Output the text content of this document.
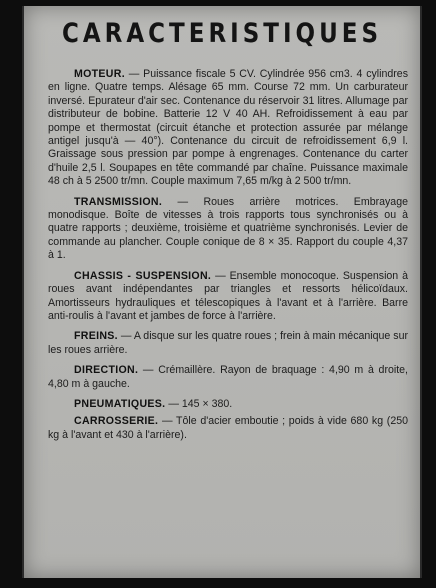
CARACTERISTIQUES

MOTEUR. — Puissance fiscale 5 CV. Cylindrée 956 cm3. 4 cylindres en ligne. Quatre temps. Alésage 65 mm. Course 72 mm. Un carburateur inversé. Epurateur d'air sec. Contenance du réservoir 31 litres. Allumage par distributeur de bobine. Batterie 12 V 40 AH. Refroidissement à eau par pompe et thermostat (circuit étanche et protection assurée par mélange antigel jusqu'à — 40°). Contenance du circuit de refroidissement 6,9 l. Graissage sous pression par pompe à engrenages. Contenance du carter d'huile 2,5 l. Soupapes en tête commandé par chaîne. Puissance maximale 48 ch à 5 2500 tr/mn. Couple maximum 7,65 m/kg à 2 500 tr/mn.

TRANSMISSION. — Roues arrière motrices. Embrayage monodisque. Boîte de vitesses à trois rapports tous synchronisés ou à quatre rapports ; deuxième, troisième et quatrième synchronisés. Levier de commande au plancher. Couple conique de 8 × 35. Rapport du couple 4,37 à 1.

CHASSIS - SUSPENSION. — Ensemble monocoque. Suspension à roues avant indépendantes par triangles et ressorts hélicoïdaux. Amortisseurs hydrauliques et télescopiques à l'avant et à l'arrière. Barre anti-roulis à l'avant et jambes de force à l'arrière.

FREINS. — A disque sur les quatre roues ; frein à main mécanique sur les roues arrière.

DIRECTION. — Crémaillère. Rayon de braquage : 4,90 m à droite, 4,80 m à gauche.

PNEUMATIQUES. — 145 × 380.

CARROSSERIE. — Tôle d'acier emboutie ; poids à vide 680 kg (250 kg à l'avant et 430 à l'arrière).
